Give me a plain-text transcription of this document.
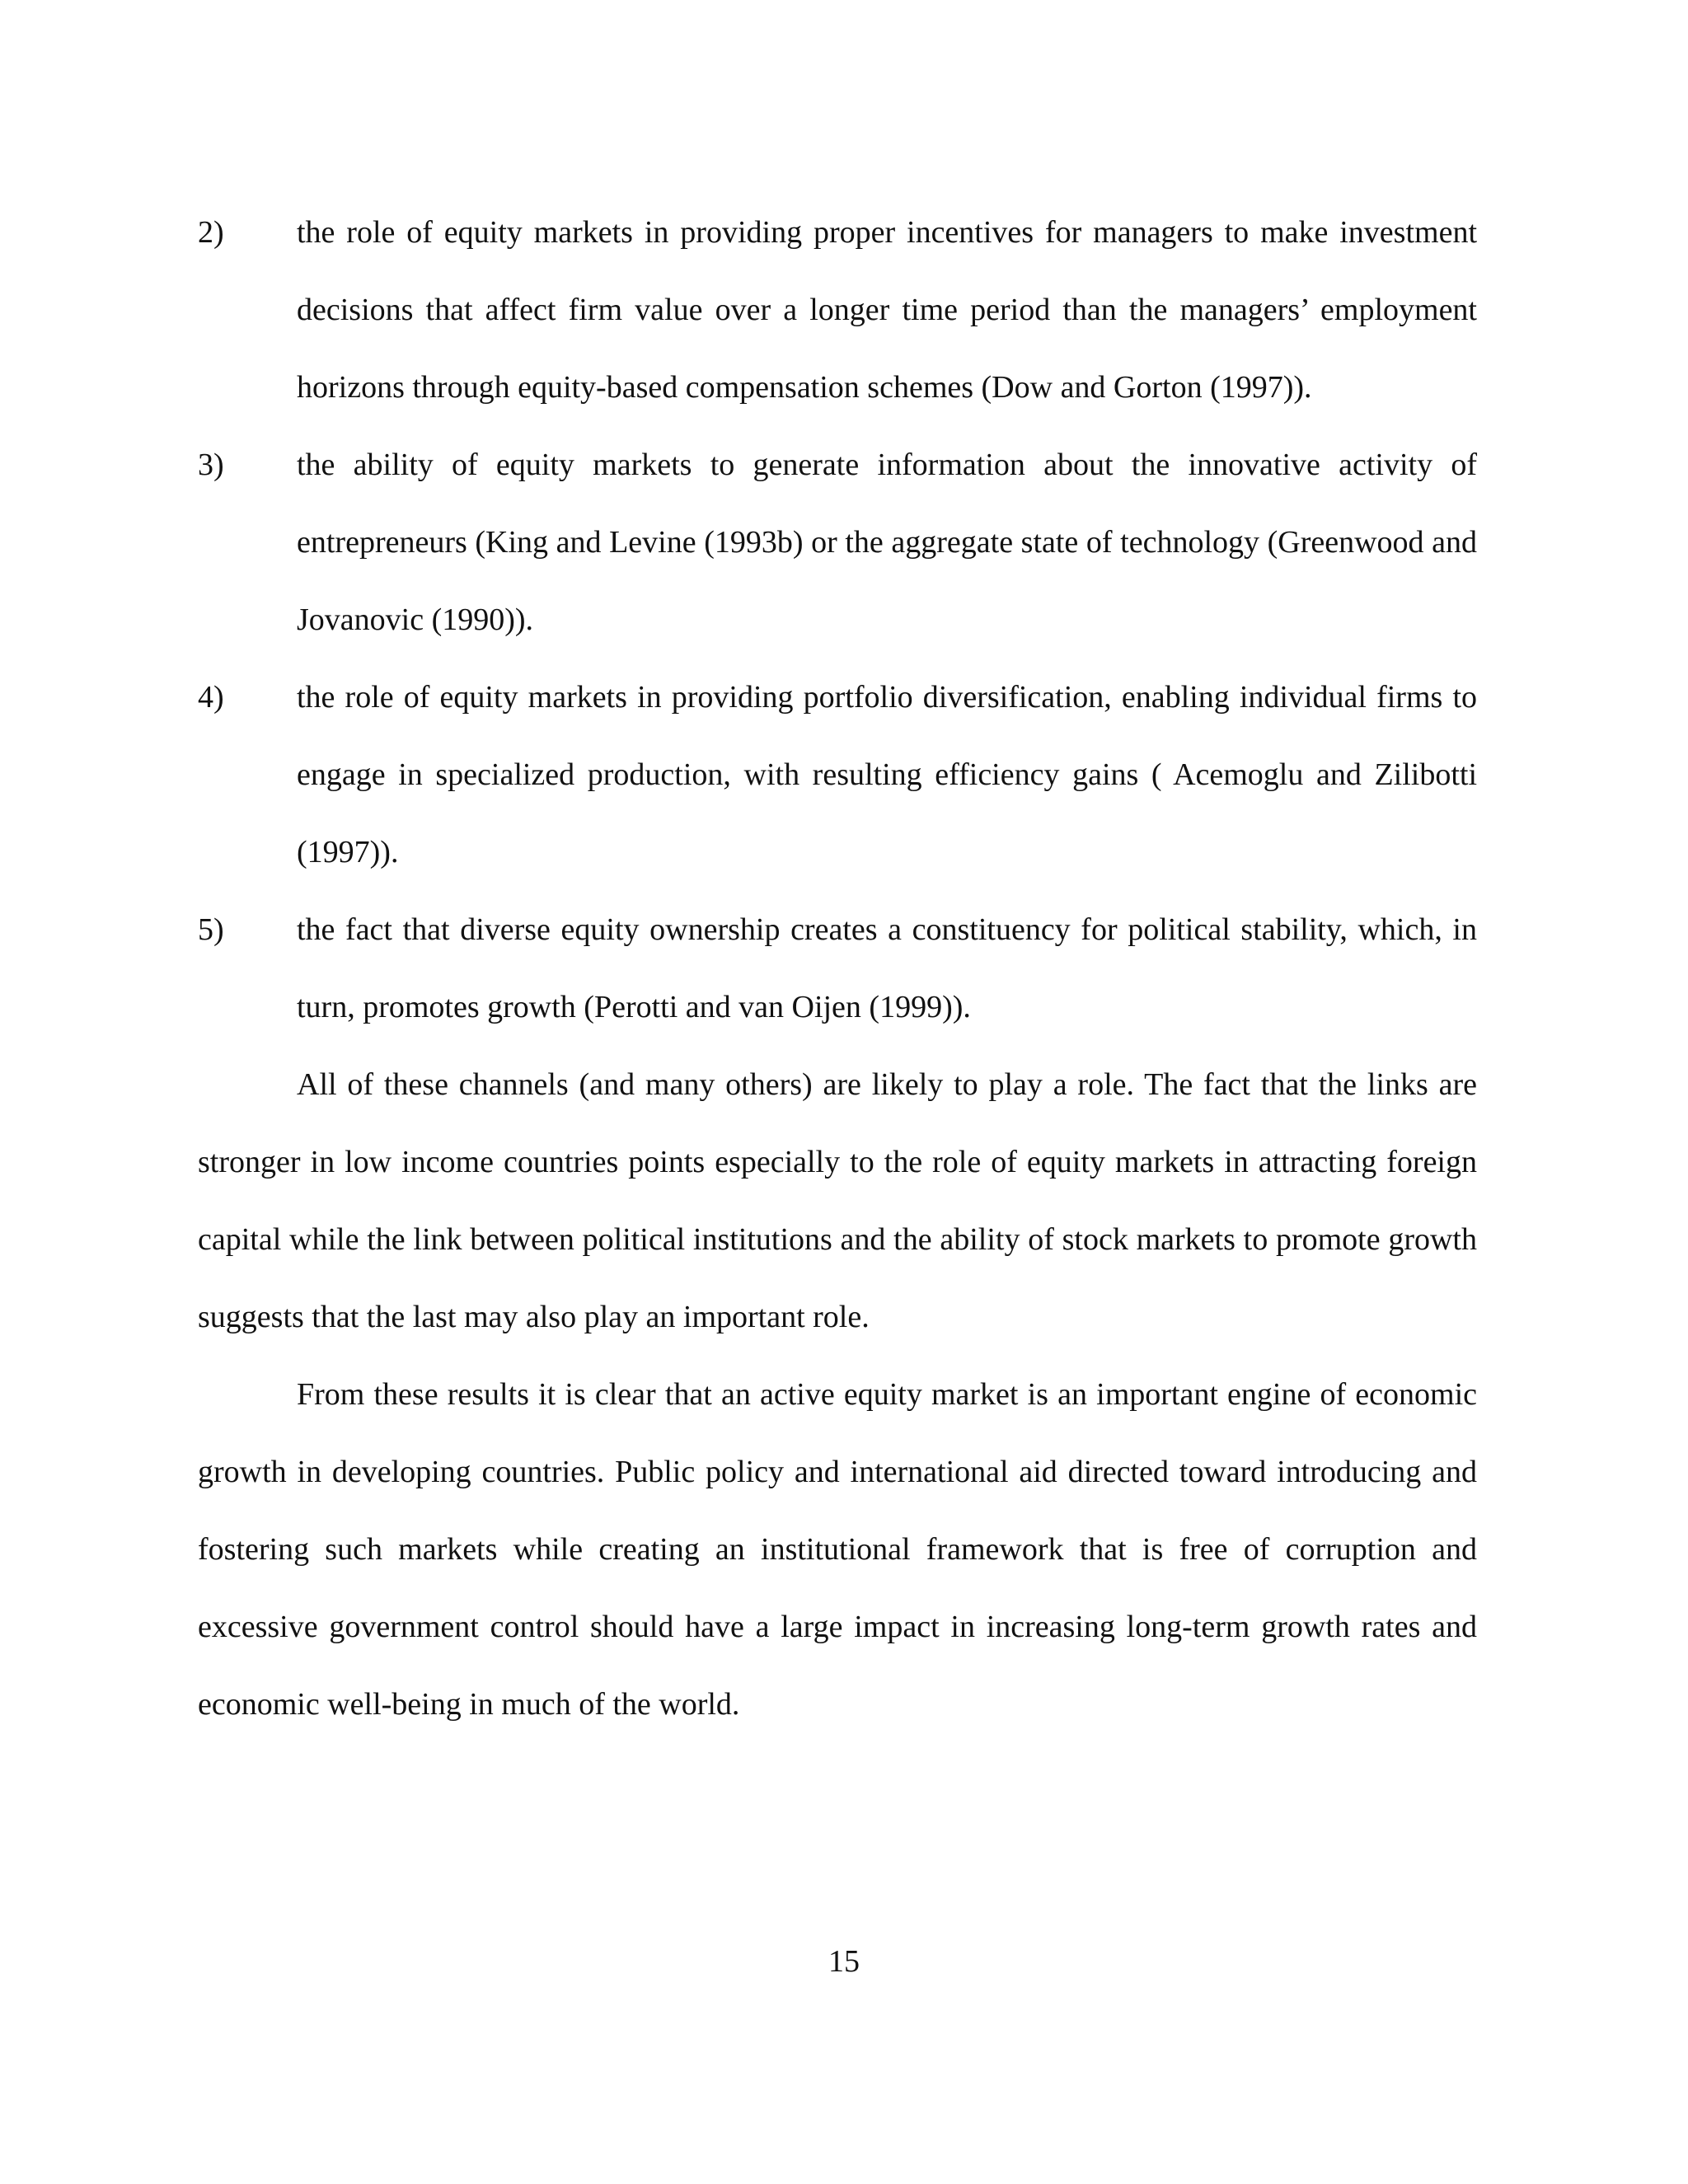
2) the role of equity markets in providing proper incentives for managers to make investment decisions that affect firm value over a longer time period than the managers’ employment horizons through equity-based compensation schemes (Dow and Gorton (1997)).
3) the ability of equity markets to generate information about the innovative activity of entrepreneurs (King and Levine (1993b) or the aggregate state of technology (Greenwood and Jovanovic (1990)).
4) the role of equity markets in providing portfolio diversification, enabling individual firms to engage in specialized production, with resulting efficiency gains ( Acemoglu and Zilibotti (1997)).
5) the fact that diverse equity ownership creates a constituency for political stability, which, in turn, promotes growth (Perotti and van Oijen (1999)).

All of these channels (and many others) are likely to play a role. The fact that the links are stronger in low income countries points especially to the role of equity markets in attracting foreign capital while the link between political institutions and the ability of stock markets to promote growth suggests that the last may also play an important role.

From these results it is clear that an active equity market is an important engine of economic growth in developing countries. Public policy and international aid directed toward introducing and fostering such markets while creating an institutional framework that is free of corruption and excessive government control should have a large impact in increasing long-term growth rates and economic well-being in much of the world.

15
